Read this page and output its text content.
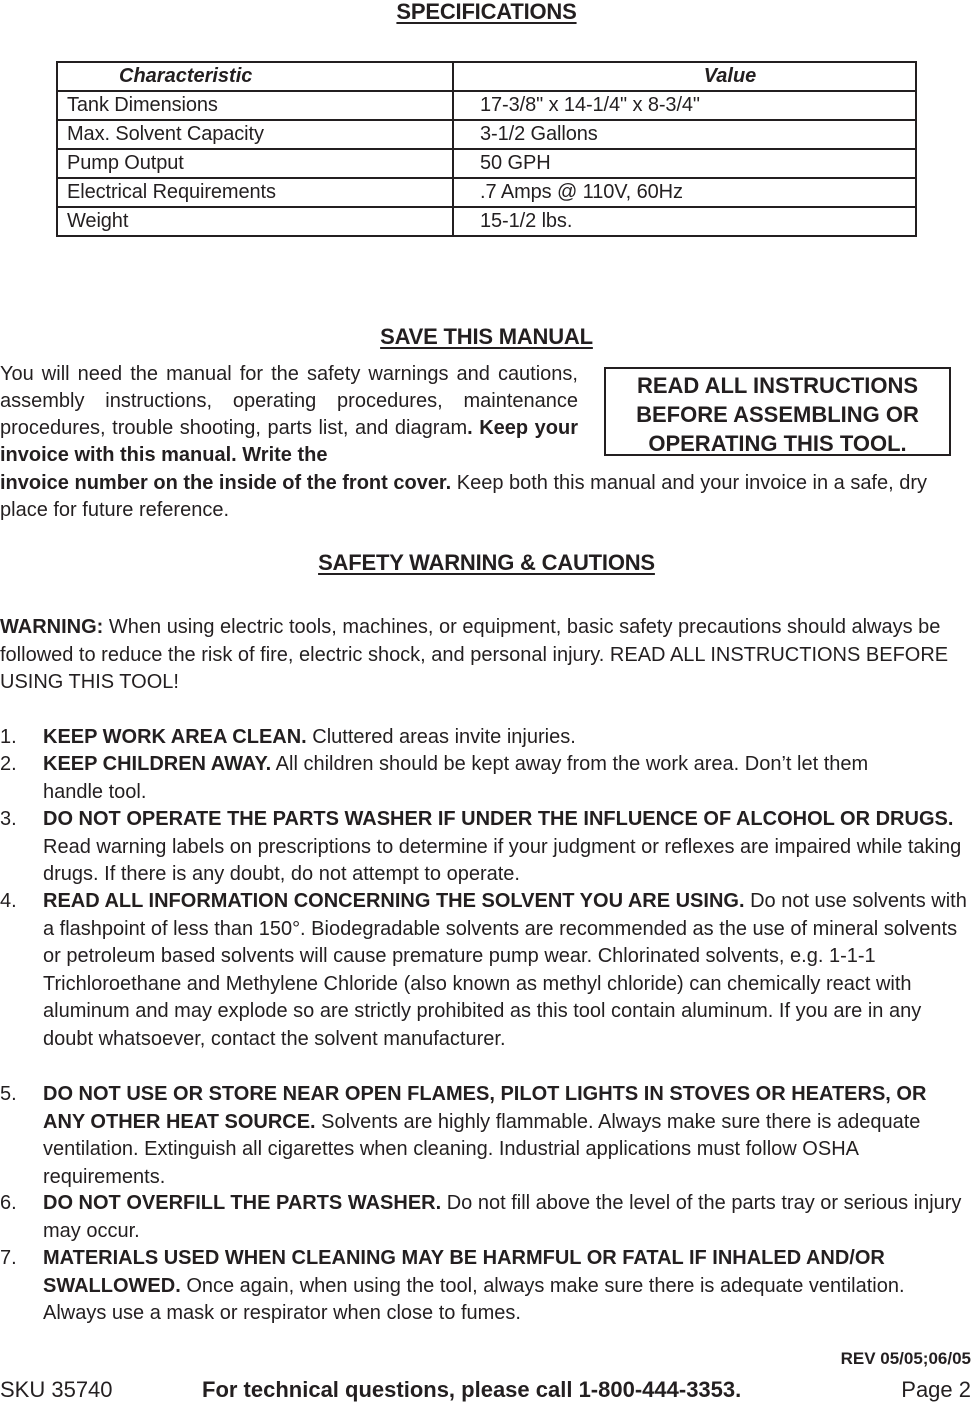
SPECIFICATIONS
Characteristic	Value
Tank Dimensions	17-3/8" x 14-1/4" x 8-3/4"
Max. Solvent Capacity	3-1/2 Gallons
Pump Output	50 GPH
Electrical Requirements	.7 Amps @ 110V, 60Hz
Weight	15-1/2 lbs.
SAVE THIS MANUAL
You will need the manual for the safety warnings and cautions, assembly instructions, operating procedures, maintenance procedures, trouble shooting, parts list, and diagram. Keep your invoice with this manual. Write the
invoice number on the inside of the front cover. Keep both this manual and your invoice in a safe, dry place for future reference.
READ ALL INSTRUCTIONS
BEFORE ASSEMBLING OR
OPERATING THIS TOOL.
SAFETY WARNING & CAUTIONS
WARNING: When using electric tools, machines, or equipment, basic safety precautions should always be followed to reduce the risk of fire, electric shock, and personal injury. READ ALL INSTRUCTIONS BEFORE USING THIS TOOL!
1. KEEP WORK AREA CLEAN. Cluttered areas invite injuries.
2. KEEP CHILDREN AWAY. All children should be kept away from the work area. Don’t let them handle tool.
3. DO NOT OPERATE THE PARTS WASHER IF UNDER THE INFLUENCE OF ALCOHOL OR DRUGS. Read warning labels on prescriptions to determine if your judgment or reflexes are impaired while taking drugs. If there is any doubt, do not attempt to operate.
4. READ ALL INFORMATION CONCERNING THE SOLVENT YOU ARE USING. Do not use solvents with a flashpoint of less than 150°. Biodegradable solvents are recommended as the use of mineral solvents or petroleum based solvents will cause premature pump wear. Chlorinated solvents, e.g. 1-1-1 Trichloroethane and Methylene Chloride (also known as methyl chloride) can chemically react with aluminum and may explode so are strictly prohibited as this tool contain aluminum. If you are in any doubt whatsoever, contact the solvent manufacturer.
5. DO NOT USE OR STORE NEAR OPEN FLAMES, PILOT LIGHTS IN STOVES OR HEATERS, OR ANY OTHER HEAT SOURCE. Solvents are highly flammable. Always make sure there is adequate ventilation. Extinguish all cigarettes when cleaning. Industrial applications must follow OSHA requirements.
6. DO NOT OVERFILL THE PARTS WASHER. Do not fill above the level of the parts tray or serious injury may occur.
7. MATERIALS USED WHEN CLEANING MAY BE HARMFUL OR FATAL IF INHALED AND/OR SWALLOWED. Once again, when using the tool, always make sure there is adequate ventilation. Always use a mask or respirator when close to fumes.
REV 05/05;06/05
SKU 35740	For technical questions, please call 1-800-444-3353.	Page 2
